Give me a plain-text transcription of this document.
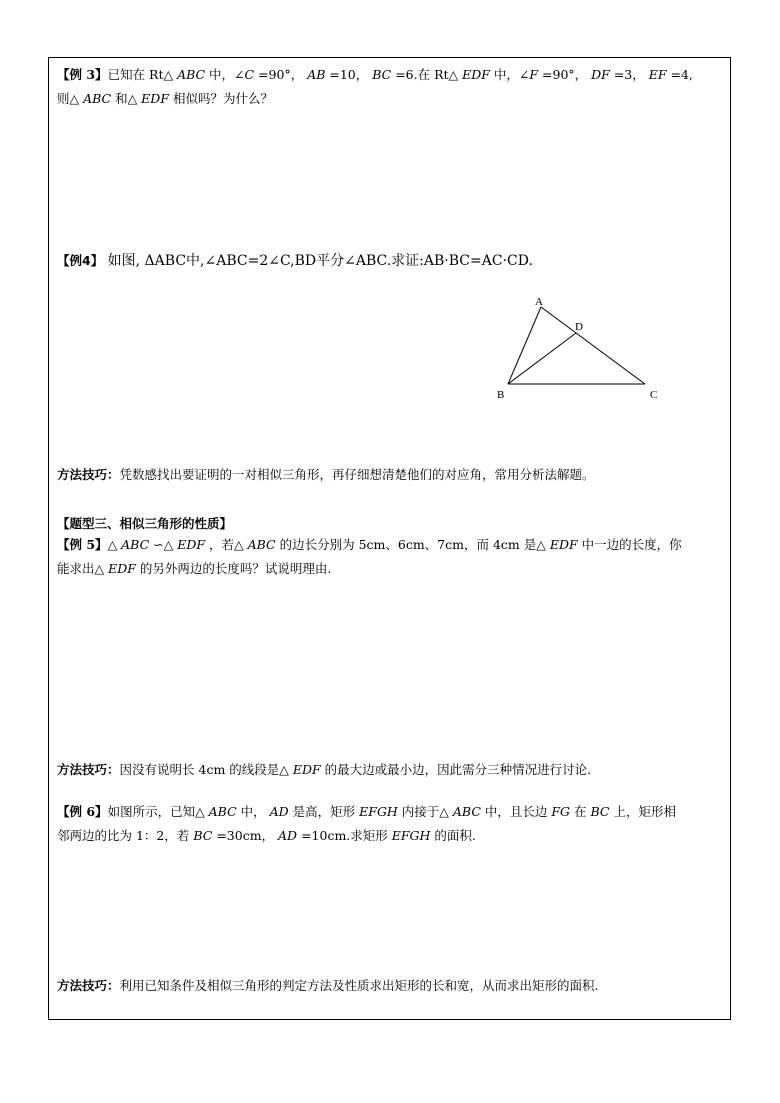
【例 3】已知在 Rt△ ABC 中，∠C =90°， AB =10， BC =6.在 Rt△ EDF 中，∠F =90°， DF =3， EF =4,
则△ ABC 和△ EDF 相似吗？为什么？
【例4】 如图, ΔABC中,∠ABC=2∠C,BD平分∠ABC.求证:AB·BC=AC·CD.
A
D
B	C
方法技巧：凭数感找出要证明的一对相似三角形，再仔细想清楚他们的对应角，常用分析法解题。
【题型三、相似三角形的性质】
【例 5】△ ABC ∽△ EDF ，若△ ABC 的边长分别为 5cm、6cm、7cm，而 4cm 是△ EDF 中一边的长度，你
能求出△ EDF 的另外两边的长度吗？试说明理由.
方法技巧：因没有说明长 4cm 的线段是△ EDF 的最大边或最小边，因此需分三种情况进行讨论.
【例 6】如图所示，已知△ ABC 中， AD 是高，矩形 EFGH 内接于△ ABC 中，且长边 FG 在 BC 上，矩形相
邻两边的比为 1：2，若 BC =30cm， AD =10cm.求矩形 EFGH 的面积.
方法技巧：利用已知条件及相似三角形的判定方法及性质求出矩形的长和宽，从而求出矩形的面积.
